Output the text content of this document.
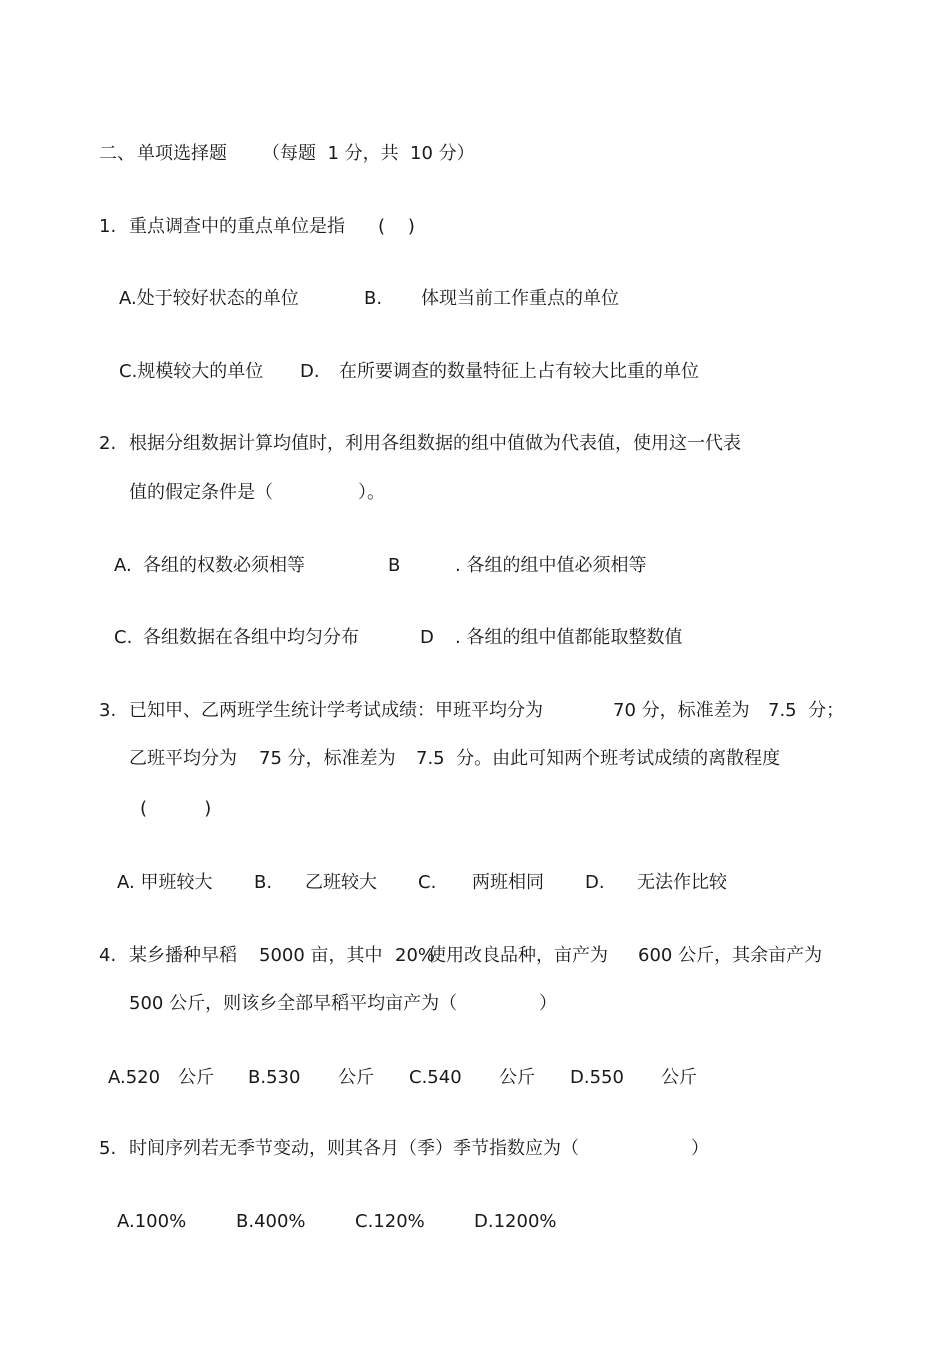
二、 单项选择题 （每题  1 分，共  10 分）
1. 重点调查中的重点单位是指 (    )
A.处于较好状态的单位	B. 体现当前工作重点的单位
C.规模较大的单位 D. 在所要调查的数量特征上占有较大比重的单位
2. 根据分组数据计算均值时，利用各组数据的组中值做为代表值，使用这一代表
值的假定条件是（	）。
A. 各组的权数必须相等	B	. 各组的组中值必须相等
C. 各组数据在各组中均匀分布	D . 各组的组中值都能取整数值
3. 已知甲、乙两班学生统计学考试成绩：甲班平均分为	70 分，标准差为 7.5  分；
乙班平均分为 75 分，标准差为 7.5  分。由此可知两个班考试成绩的离散程度
(          )
A. 甲班较大 B. 乙班较大 C. 两班相同 D. 无法作比较
4. 某乡播种早稻 5000 亩，其中 20%
使用改良品种，亩产为 600 公斤，其余亩产为
500 公斤，则该乡全部早稻平均亩产为（	）
A.520 公斤 B.530 公斤 C.540 公斤 D.550 公斤
5. 时间序列若无季节变动，则其各月（季）季节指数应为（	）
A.100%	B.400%	C.120%	D.1200%
